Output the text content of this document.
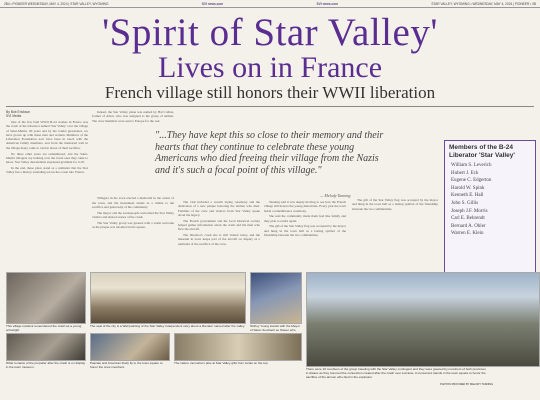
2B4 • PIONEER WEDNESDAY, MAY 4, 2024 | STAR VALLEY, WYOMING	SVI news.com	SVI news.com	STAR VALLEY, WYOMING • WEDNESDAY, MAY 4, 2024 | PIONEER • 3B
'Spirit of Star Valley'
Lives on in France
French village still honors their WWII liberation
By Bob Erickson
SVI Media

One of the few fatal WWII B-24 crashes in France was the crash of the Liberator named 'Star Valley' over the village of Saint-Martin. 80 years and by the tourist guarantees, we have grown up with these men and women. Members of the Liberation Foundation now have been in touch with the American family members, and from the memorial wall in the village many came to visit in honor of their sacrifice.

No three other years are remembered, and the Saint-Martin villagers say nothing over the loved ones they came to know. Star Valley descendants expressed gratitude for it all.

In the end, these place stand as a reminder that the Star Valley has a history extending across the ocean into France.

Indeed, the Star Valley plane was named by Hal Collins, former of Afton, who was assigned to the group of airmen. The crew members were sent to Europe for the war.

Villagers in the town erected a memorial in the center of the town, and the monument stands as a tribute to the sacrifice and generosity of the community.

The mayor and the townspeople welcomed the Star Valley visitors and shared stories of the crash.

The Star Valley group was greeted with a warm welcome as the plaque was unveiled in the square.

The visit included a wreath laying ceremony and the dedication of a new plaque honoring the airmen who died. Families of the crew and visitors from Star Valley spoke about the legacy.

The French government and the local historical society helped gather information about the crash and the men who flew the aircraft.

The liberator's crash site is still visited today, and the museum in town keeps part of the aircraft on display as a reminder of the sacrifice of the crew.

Tanning said it was deeply moving to see how the French village still honors the young Americans. Every year the town holds a remembrance ceremony.

She said the community made them feel like family and they plan to return again.

The gift of the Star Valley flag was accepted by the mayor and hung in the town hall as a lasting symbol of the friendship between the two communities.

The gift of the Star Valley flag was accepted by the mayor and hung in the town hall as a lasting symbol of the friendship between the two communities.

"...They have kept this so close to their memory and their hearts that they continue to celebrate these young Americans who died freeing their village from the Nazis and it's such a focal point of this village."
— Melody Tanning
Members of the B-24 Liberator 'Star Valley'
William S. Leverich
Hubert J. Eck
Eugene C. Edgerton
Harold W. Spink
Kenneth E. Hall
John S. Gillis
Joseph J.F. Morris
Carl E. Behrendt
Bernard A. Ohler
Warren E. Klein
This village resident remembered the crash as a young schoolgirl.
The seal of the city is a Wall painting of the Star Valley Independent story about a liberator named after the valley.	Shirley Young stands with the Mayor of Salon Soulzach as Stauer who
There were 10 members of the group traveling with the Star Valley contingent and they were greeted by members of both provinces in Alsace as they honored the connection created after the crash over Lorraine. A monument stands in the town square to honor the sacrifice of the airmen who died in the explosion.
What remains of the propeller after the crash is on display in the town museum.
Pascale and American Rudy fly to the town square to honor the crew members.
The nature memorial s pike at Star Valley gifts from locals on the top.
PHOTOS PROVIDED BY MELODY TANNING
